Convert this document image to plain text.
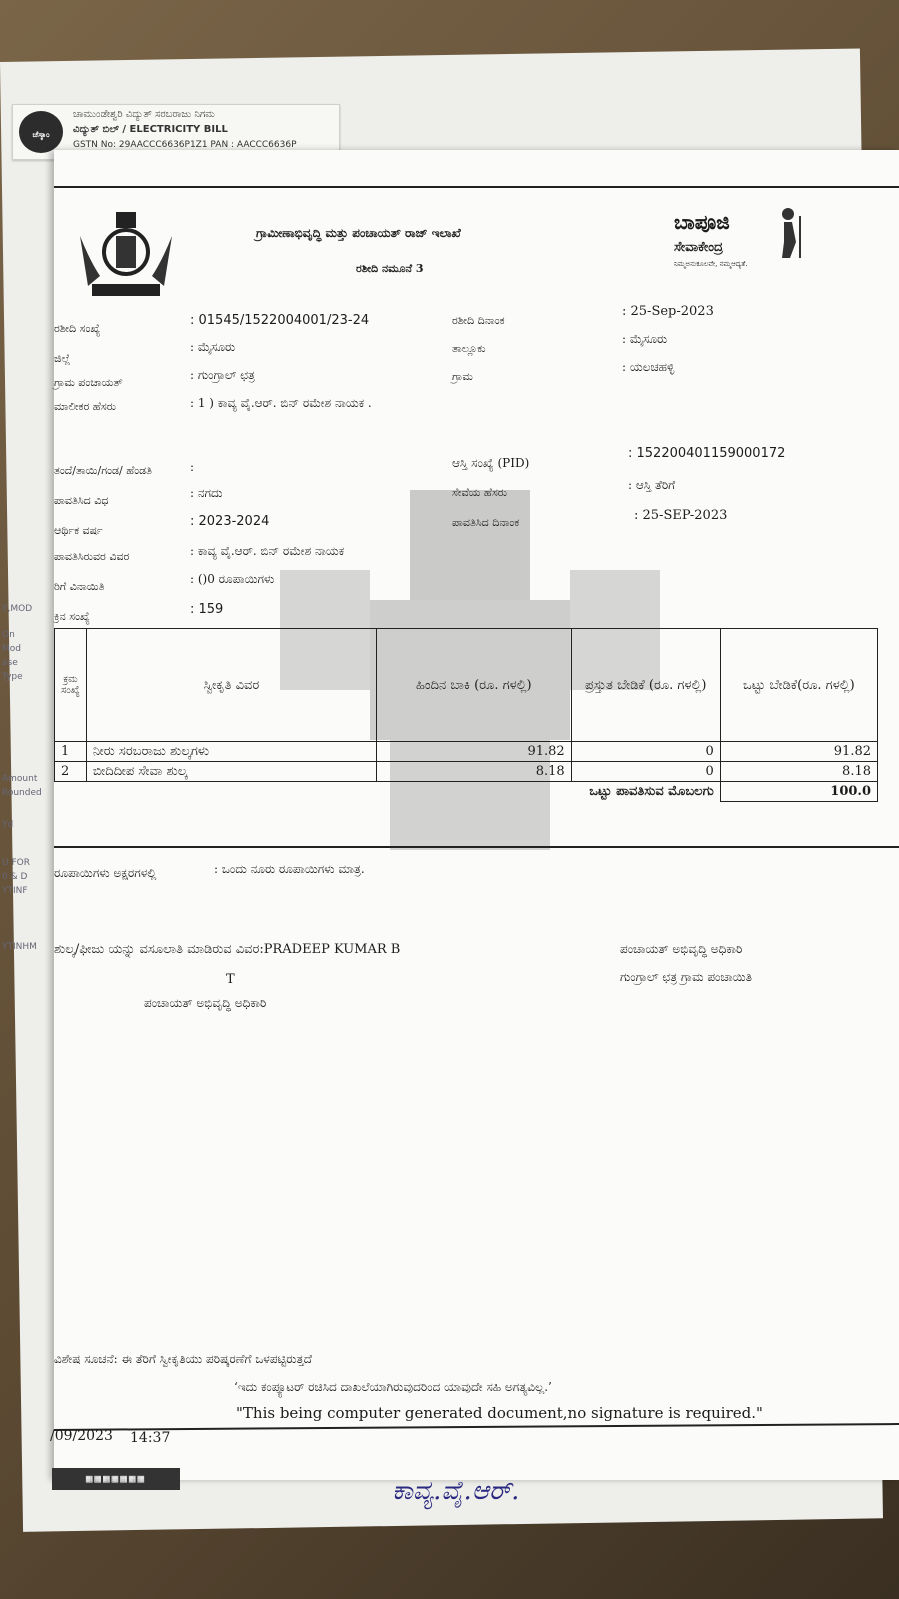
ಚೆಸ್ಕಾಂ
ಚಾಮುಂಡೇಶ್ವರಿ ವಿದ್ಯುತ್ ಸರಬರಾಜು ನಿಗಮ
ವಿದ್ಯುತ್ ಬಿಲ್ / ELECTRICITY BILL
GSTN No: 29AACCC6636P1Z1 PAN : AACCC6636P
Y,MOD
On
Mod
ase
Type
Amount
Rounded
Yd
U FOR
0 & D
YTINF
YTINHM
ಗ್ರಾಮೀಣಾಭಿವೃದ್ಧಿ ಮತ್ತು ಪಂಚಾಯತ್ ರಾಜ್ ಇಲಾಖೆ
ರಶೀದಿ ನಮೂನೆ 3
ಬಾಪೂಜಿ
ಸೇವಾಕೇಂದ್ರ
ನಿಮ್ಮಅನುಕೂಲವೇ, ನಮ್ಮಆದ್ಯತೆ.
ರಶೀದಿ ಸಂಖ್ಯೆ
: 01545/1522004001/23-24
ಜಿಲ್ಲೆ
: ಮೈಸೂರು
ಗ್ರಾಮ ಪಂಚಾಯತ್
: ಗುಂಗ್ರಾಲ್ ಛತ್ರ
ಮಾಲೀಕರ ಹೆಸರು	: 1 ) ಕಾವ್ಯ ವೈ.ಆರ್. ಬಿನ್ ರಮೇಶ ನಾಯಕ .
ತಂದೆ/ತಾಯಿ/ಗಂಡ/ ಹೆಂಡತಿ	:
ಪಾವತಿಸಿದ ವಿಧ
: ನಗದು
ಆರ್ಥಿಕ ವರ್ಷ
: 2023-2024
ಪಾವತಿಸಿರುವರ ವಿವರ	: ಕಾವ್ಯ ವೈ.ಆರ್. ಬಿನ್ ರಮೇಶ ನಾಯಕ
ರಿಗೆ ವಿನಾಯಿತಿ
: ()0 ರೂಪಾಯಿಗಳು
ಕ್ರಿನ ಸಂಖ್ಯೆ	: 159
ರಶೀದಿ ದಿನಾಂಕ
: 25-Sep-2023
ತಾಲ್ಲೂಕು
: ಮೈಸೂರು
ಗ್ರಾಮ
: ಯಲಚಹಳ್ಳಿ
ಆಸ್ತಿ ಸಂಖ್ಯೆ (PID)
: 152200401159000172
ಸೇವೆಯ ಹೆಸರು
: ಆಸ್ತಿ ತೆರಿಗೆ
ಪಾವತಿಸಿದ ದಿನಾಂಕ	: 25-SEP-2023
ಕ್ರಮ ಸಂಖ್ಯೆ	ಸ್ವೀಕೃತಿ ವಿವರ	ಹಿಂದಿನ ಬಾಕಿ (ರೂ. ಗಳಲ್ಲಿ)	ಪ್ರಸ್ತುತ ಬೇಡಿಕೆ (ರೂ. ಗಳಲ್ಲಿ)	ಒಟ್ಟು ಬೇಡಿಕೆ(ರೂ. ಗಳಲ್ಲಿ)
1	ನೀರು ಸರಬರಾಜು ಶುಲ್ಕಗಳು	91.82	0	91.82
2	ಬೀದಿದೀಪ ಸೇವಾ ಶುಲ್ಕ	8.18	0	8.18
ಒಟ್ಟು ಪಾವತಿಸುವ ಮೊಬಲಗು				100.0
ರೂಪಾಯಿಗಳು ಅಕ್ಷರಗಳಲ್ಲಿ	: ಒಂದು ನೂರು ರೂಪಾಯಿಗಳು ಮಾತ್ರ.
ಶುಲ್ಕ/ಫೀಜು ಯನ್ನು ವಸೂಲಾತಿ ಮಾಡಿರುವ ವಿವರ:PRADEEP KUMAR B
T
ಪಂಚಾಯತ್ ಅಭಿವೃದ್ಧಿ ಅಧಿಕಾರಿ
ಪಂಚಾಯತ್ ಅಭಿವೃದ್ಧಿ ಅಧಿಕಾರಿ
ಗುಂಗ್ರಾಲ್ ಛತ್ರ ಗ್ರಾಮ ಪಂಚಾಯಿತಿ
ವಿಶೇಷ ಸೂಚನೆ: ಈ ತೆರಿಗೆ ಸ್ವೀಕೃತಿಯು ಪರಿಷ್ಕರಣೆಗೆ ಒಳಪಟ್ಟಿರುತ್ತದೆ
‘ಇದು ಕಂಪ್ಯೂಟರ್ ರಚಿಸಿದ ದಾಖಲೆಯಾಗಿರುವುದರಿಂದ ಯಾವುದೇ ಸಹಿ ಅಗತ್ಯವಿಲ್ಲ.’
"This being computer generated document,no signature is required."
/09/2023 14:37
▦▦▦▦▦▦▦	ಕಾವ್ಯ.ವೈ.ಆರ್.
